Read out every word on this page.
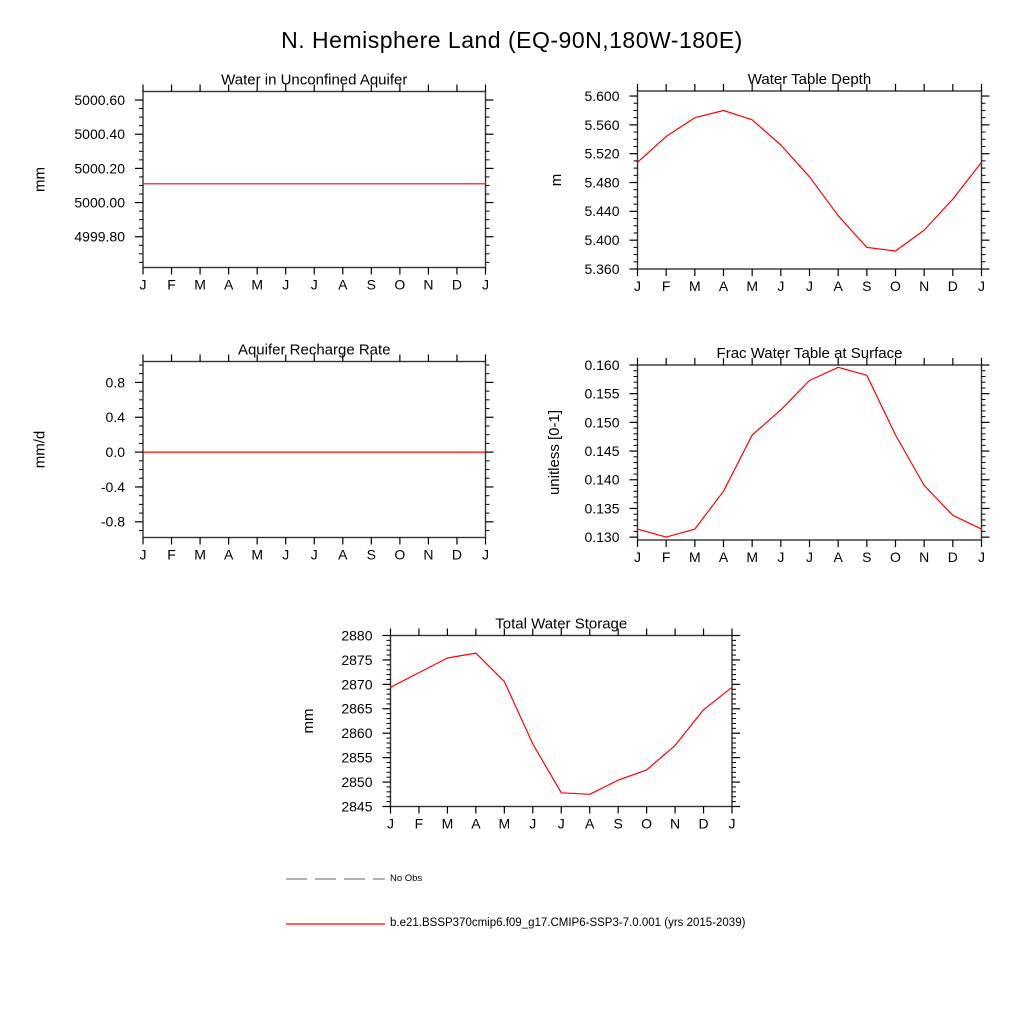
N. Hemisphere Land (EQ-90N,180W-180E)
4999.80
5000.00
5000.20
5000.40
5000.60
J F M A M J J A S O N D J
Water in Unconfined Aquifer
mm
5.360
5.400
5.440
5.480
5.520
5.560
5.600
J F M A M J J A S O N D J
Water Table Depth
m
-0.8
-0.4
0.0
0.4
0.8
J F M A M J J A S O N D J
Aquifer Recharge Rate
mm/d
0.130
0.135
0.140
0.145
0.150
0.155
0.160
J F M A M J J A S O N D J
Frac Water Table at Surface
unitless [0-1]
2845
2850
2855
2860
2865
2870
2875
2880
J F M A M J J A S O N D J
Total Water Storage
mm
No Obs
b.e21.BSSP370cmip6.f09_g17.CMIP6-SSP3-7.0.001 (yrs 2015-2039)
